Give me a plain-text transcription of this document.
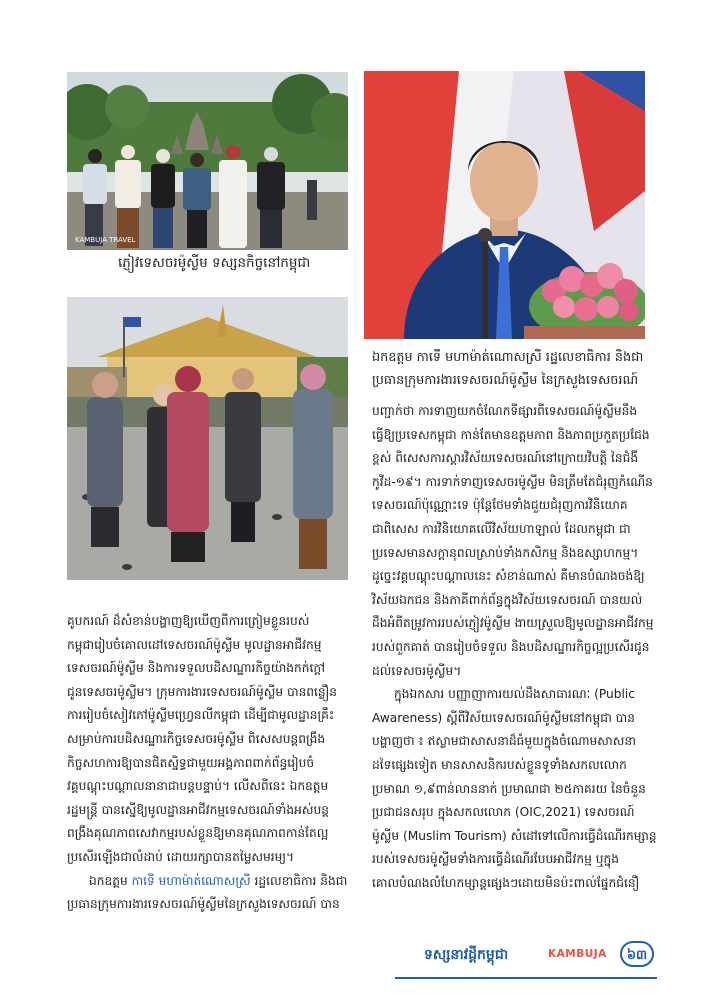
KAMBUJA TRAVEL
ភ្ញៀវទេសចរម៉ូស្លីម ទស្សនកិច្ចនៅកម្ពុជា
ឯកឧត្តម កាទើ មហាម៉ាត់ណោសស្រី រដ្ឋលេខាធិការ និងជា
ប្រធានក្រុមការងារទេសចរណ៍ម៉ូស្លីម នៃក្រសួងទេសចរណ៍

បញ្ជាក់ថា ការទាញយកចំណែកទីផ្សារពីទេសចរណ៍ម៉ូស្លីមនឹង
ធ្វើឱ្យប្រទេសកម្ពុជា កាន់តែមានឧត្តមភាព និងភាពប្រកួតប្រជែង
ខ្ពស់ ពិសេសការស្តារវិស័យទេសចរណ៍នៅក្រោយវិបត្តិ នៃជំងឺ
កូវីដ-១៩។ ការទាក់ទាញទេសចរម៉ូស្លីម មិនត្រឹមតែជំរុញកំណើន
ទេសចរណ៍ប៉ុណ្ណោះទេ ប៉ុន្តែថែមទាំងជួយជំរុញការវិនិយោគ
ជាពិសេស ការវិនិយោគលើវិស័យហាឡាល់ ដែលកម្ពុជា ជា
ប្រទេសមានសក្តានុពលស្រាប់ទាំងកសិកម្ម និងឧស្សាហកម្ម។
ដូច្នេះវគ្គបណ្តុះបណ្តាលនេះ សំខាន់ណាស់ គឺមានបំណងចង់ឱ្យ
វិស័យឯកជន និងភាគីពាក់ព័ន្ធក្នុងវិស័យទេសចរណ៍ បានយល់
ដឹងអំពីតម្រូវការរបស់ភ្ញៀវម៉ូស្លីម ងាយស្រួលឱ្យមូលដ្ឋានអាជីវកម្ម
របស់ពួកគាត់ បានរៀបចំទទួល និងបដិសណ្ឋារកិច្ចល្អប្រសើរជូន
ដល់ទេសចរម៉ូស្លីម។

ក្នុងឯកសារ បញ្ញាញាការយល់ដឹងសាធារណៈ (Public

Awareness) ស្តីពីវិស័យទេសចរណ៍ម៉ូស្លីមនៅកម្ពុជា បាន
បង្ហាញថា ៖ ឥស្លាមជាសាសនាដ៏ធំមួយក្នុងចំណោមសាសនា
ដទៃផ្សេងទៀត មានសាសនិករបស់ខ្លួនទូទាំងសកលលោក
ប្រមាណ ១,៩ពាន់លាននាក់ ប្រមាណជា ២៥ភាគរយ នៃចំនួន
ប្រជាជនសរុប ក្នុងសកលលោក (OIC,2021) ទេសចរណ៍
ម៉ូស្លីម (Muslim Tourism) សំដៅទៅលើការធ្វើដំណើរកម្សាន្ត
របស់ទេសចរម៉ូស្លីមទាំងការធ្វើដំណើរបែបអាជីវកម្ម ឬក្នុង
គោលបំណងលំហែកម្សាន្តផ្សេងៗដោយមិនប៉ះពាល់ផ្នែកជំនឿ

គូបករណ៍ ដ៏សំខាន់បង្ហាញឱ្យឃើញពីការត្រៀមខ្លួនរបស់
កម្ពុជារៀបចំគោលដៅទេសចរណ៍ម៉ូស្លីម មូលដ្ឋានអាជីវកម្ម
ទេសចរណ៍ម៉ូស្លីម និងការទទួលបដិសណ្ឋារកិច្ចយ៉ាងកក់ក្តៅ
ជូនទេសចរម៉ូស្លីម។ ក្រុមការងារទេសចរណ៍ម៉ូស្លីម បានពន្លឿន
ការរៀបចំសៀវភៅម៉ូស្លីមហ្វ្រេនលីកម្ពុជា ដើម្បីជាមូលដ្ឋានគ្រឹះ
សម្រាប់ការបដិសណ្ឋារកិច្ចទេសចរម៉ូស្លីម ពិសេសបន្តពង្រឹង
កិច្ចសហការឱ្យបានជិតស្និទ្ធជាមួយអង្គភាពពាក់ព័ន្ធរៀបចំ
វគ្គបណ្តុះបណ្តាលនានាជាបន្តបន្ទាប់។ លើសពីនេះ ឯកឧត្តម
រដ្ឋមន្ត្រី បានស្នើឱ្យមូលដ្ឋានអាជីវកម្មទេសចរណ៍ទាំងអស់បន្ត
ពង្រឹងគុណភាពសេវាកម្មរបស់ខ្លួនឱ្យមានគុណភាពកាន់តែល្អ
ប្រសើរឡើងជាលំដាប់ ដោយរក្សាបានតម្លៃសមរម្យ។

ឯកឧត្តម កាទើ មហាម៉ាត់ណោសស្រី រដ្ឋលេខាធិការ និងជា

ប្រធានក្រុមការងារទេសចរណ៍ម៉ូស្លីមនៃក្រសួងទេសចរណ៍ បាន

ទស្សនាវដ្តីកម្ពុជា	KAMBUJA	៦៣
